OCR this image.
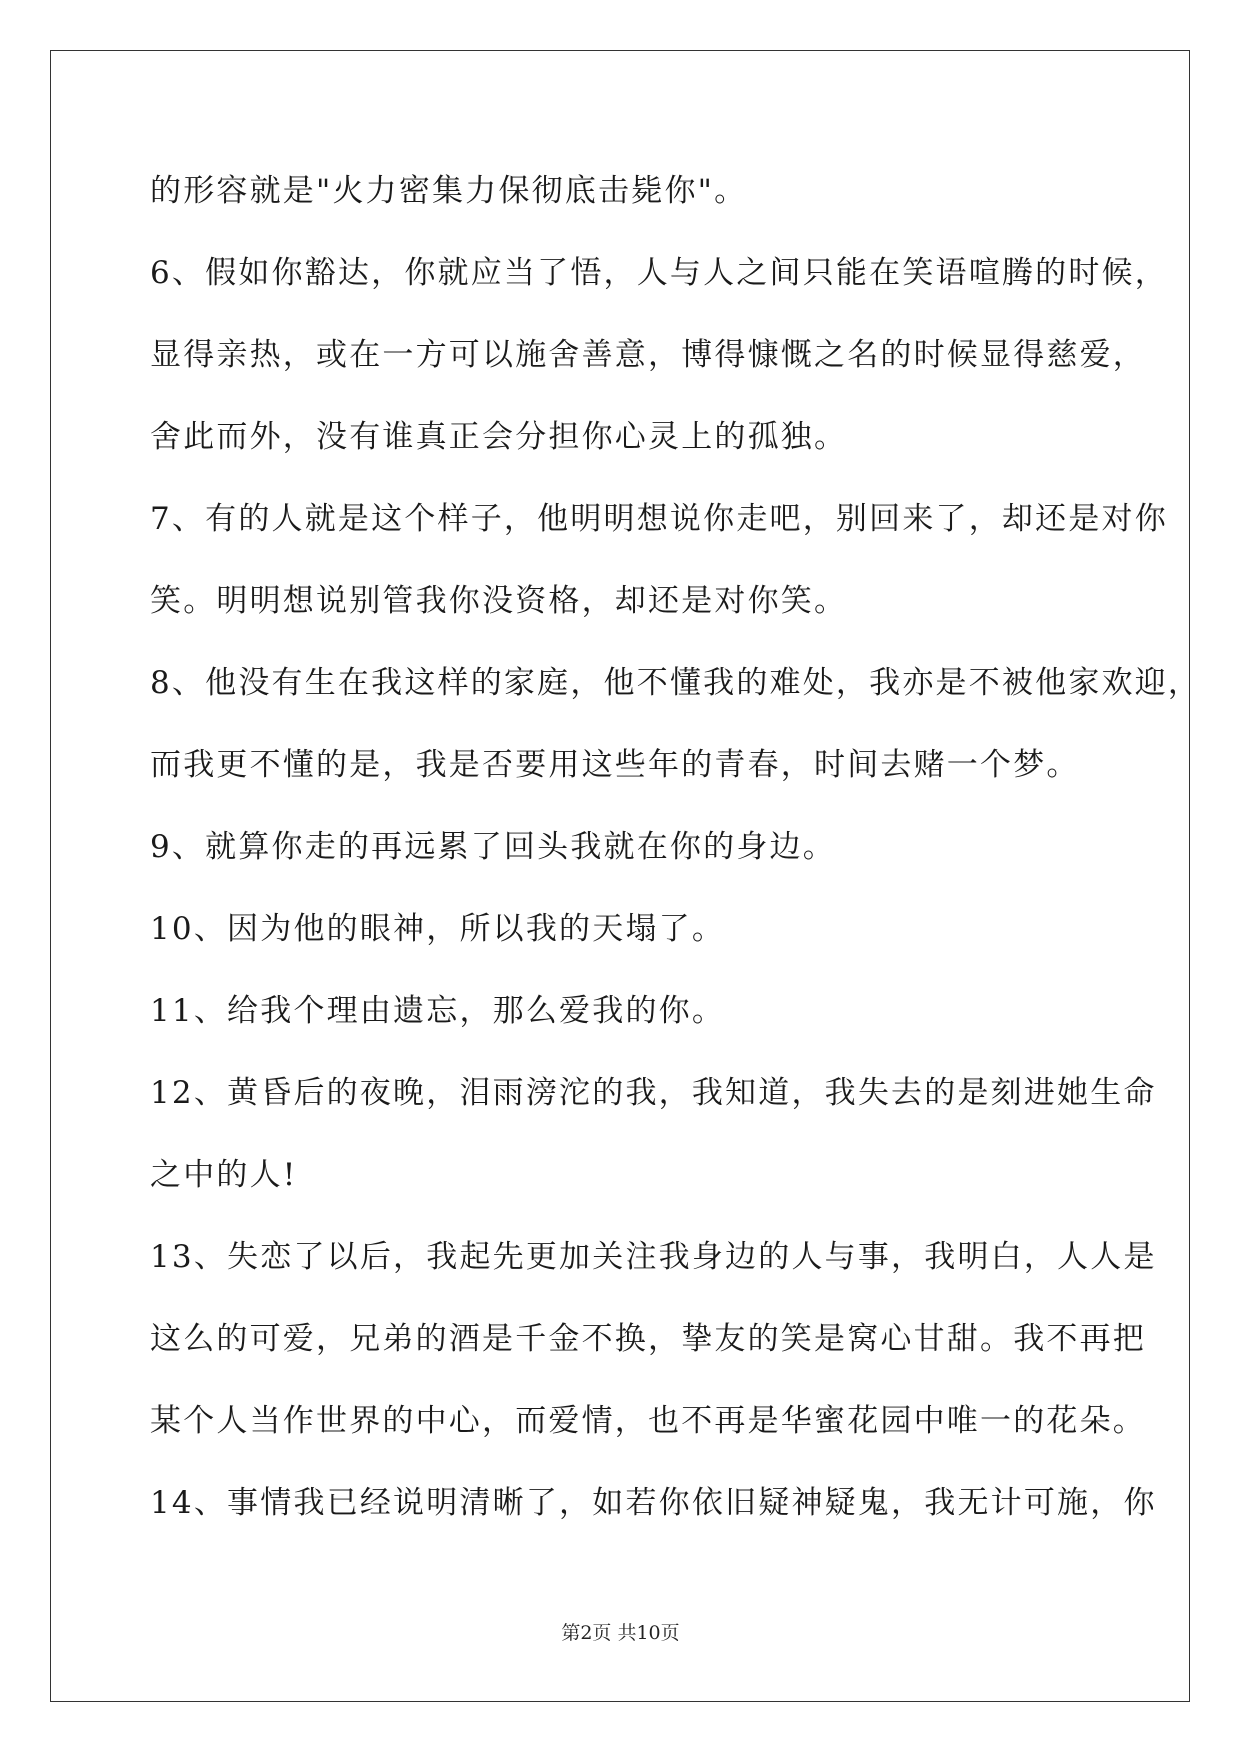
的形容就是"火力密集力保彻底击毙你"。
6、假如你豁达，你就应当了悟，人与人之间只能在笑语喧腾的时候，
显得亲热，或在一方可以施舍善意，博得慷慨之名的时候显得慈爱，
舍此而外，没有谁真正会分担你心灵上的孤独。
7、有的人就是这个样子，他明明想说你走吧，别回来了，却还是对你
笑。明明想说别管我你没资格，却还是对你笑。
8、他没有生在我这样的家庭，他不懂我的难处，我亦是不被他家欢迎，
而我更不懂的是，我是否要用这些年的青春，时间去赌一个梦。
9、就算你走的再远累了回头我就在你的身边。
10、因为他的眼神，所以我的天塌了。
11、给我个理由遗忘，那么爱我的你。
12、黄昏后的夜晚，泪雨滂沱的我，我知道，我失去的是刻进她生命
之中的人!
13、失恋了以后，我起先更加关注我身边的人与事，我明白，人人是
这么的可爱，兄弟的酒是千金不换，挚友的笑是窝心甘甜。我不再把
某个人当作世界的中心，而爱情，也不再是华蜜花园中唯一的花朵。
14、事情我已经说明清晰了，如若你依旧疑神疑鬼，我无计可施，你
第2页 共10页
